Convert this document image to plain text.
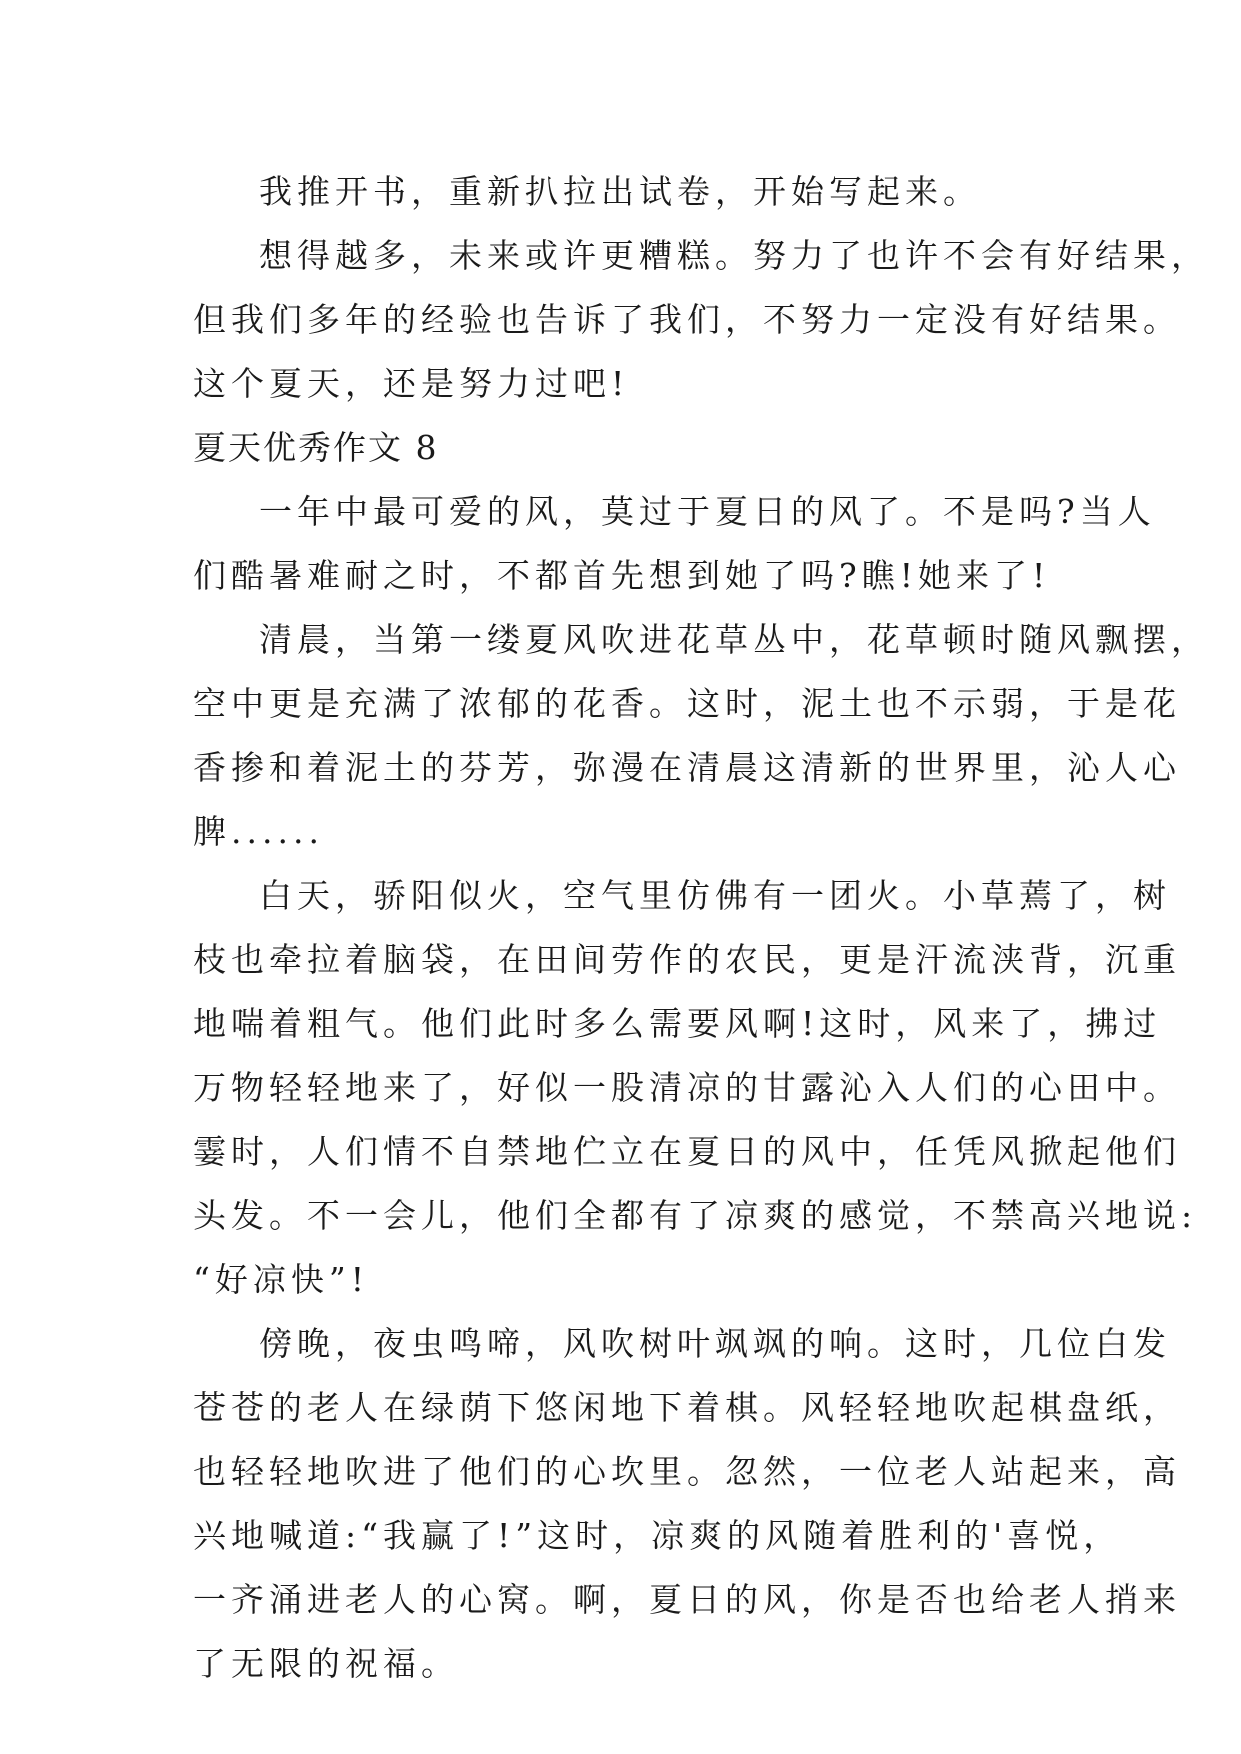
我推开书，重新扒拉出试卷，开始写起来。
想得越多，未来或许更糟糕。努力了也许不会有好结果，
但我们多年的经验也告诉了我们，不努力一定没有好结果。
这个夏天，还是努力过吧!
夏天优秀作文 8
一年中最可爱的风，莫过于夏日的风了。不是吗?当人
们酷暑难耐之时，不都首先想到她了吗?瞧!她来了!
清晨，当第一缕夏风吹进花草丛中，花草顿时随风飘摆，
空中更是充满了浓郁的花香。这时，泥土也不示弱，于是花
香掺和着泥土的芬芳，弥漫在清晨这清新的世界里，沁人心
脾......
白天，骄阳似火，空气里仿佛有一团火。小草蔫了，树
枝也牵拉着脑袋，在田间劳作的农民，更是汗流浃背，沉重
地喘着粗气。他们此时多么需要风啊!这时，风来了，拂过
万物轻轻地来了，好似一股清凉的甘露沁入人们的心田中。
霎时，人们情不自禁地伫立在夏日的风中，任凭风掀起他们
头发。不一会儿，他们全都有了凉爽的感觉，不禁高兴地说:
“好凉快”!
傍晚，夜虫鸣啼，风吹树叶飒飒的响。这时，几位白发
苍苍的老人在绿荫下悠闲地下着棋。风轻轻地吹起棋盘纸，
也轻轻地吹进了他们的心坎里。忽然，一位老人站起来，高
兴地喊道:“我赢了!”这时，凉爽的风随着胜利的'喜悦，
一齐涌进老人的心窝。啊，夏日的风，你是否也给老人捎来
了无限的祝福。
